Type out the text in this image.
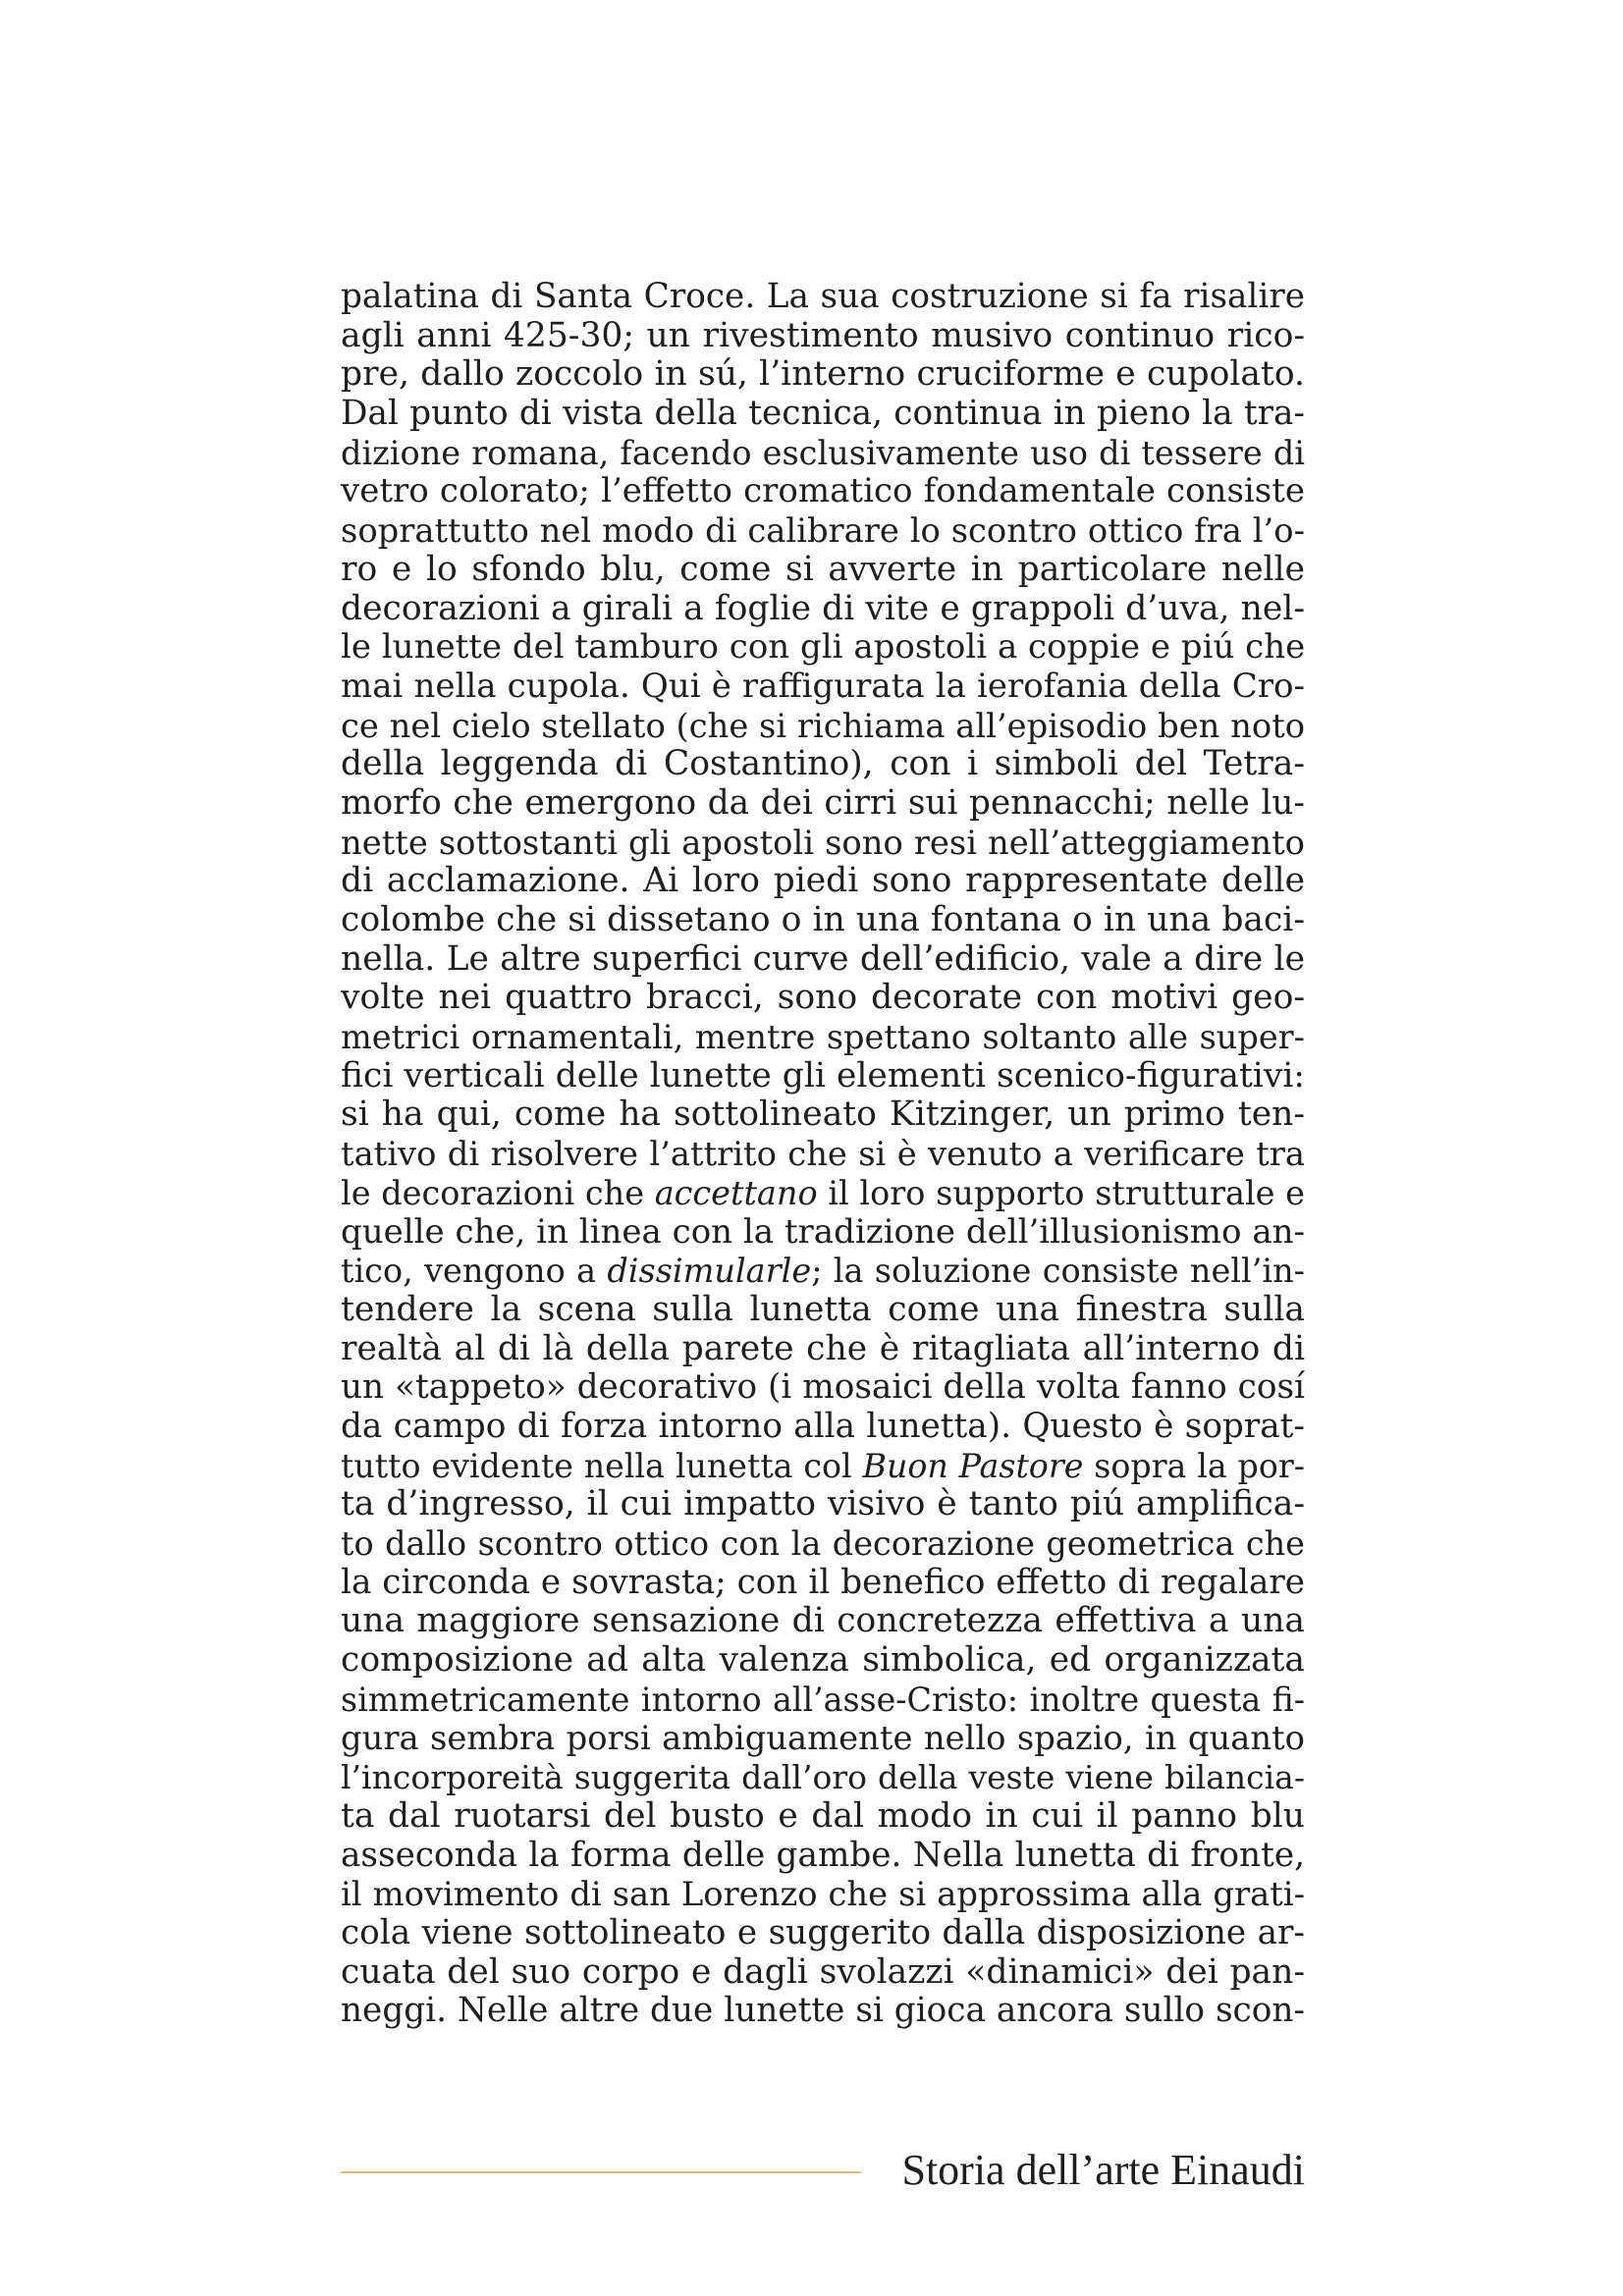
palatina di Santa Croce. La sua costruzione si fa risalire
agli anni 425-30; un rivestimento musivo continuo rico-
pre, dallo zoccolo in sú, l’interno cruciforme e cupolato.
Dal punto di vista della tecnica, continua in pieno la tra-
dizione romana, facendo esclusivamente uso di tessere di
vetro colorato; l’effetto cromatico fondamentale consiste
soprattutto nel modo di calibrare lo scontro ottico fra l’o-
ro e lo sfondo blu, come si avverte in particolare nelle
decorazioni a girali a foglie di vite e grappoli d’uva, nel-
le lunette del tamburo con gli apostoli a coppie e piú che
mai nella cupola. Qui è raffigurata la ierofania della Cro-
ce nel cielo stellato (che si richiama all’episodio ben noto
della leggenda di Costantino), con i simboli del Tetra-
morfo che emergono da dei cirri sui pennacchi; nelle lu-
nette sottostanti gli apostoli sono resi nell’atteggiamento
di acclamazione. Ai loro piedi sono rappresentate delle
colombe che si dissetano o in una fontana o in una baci-
nella. Le altre superfici curve dell’edificio, vale a dire le
volte nei quattro bracci, sono decorate con motivi geo-
metrici ornamentali, mentre spettano soltanto alle super-
fici verticali delle lunette gli elementi scenico-figurativi:
si ha qui, come ha sottolineato Kitzinger, un primo ten-
tativo di risolvere l’attrito che si è venuto a verificare tra
le decorazioni che accettano il loro supporto strutturale e
quelle che, in linea con la tradizione dell’illusionismo an-
tico, vengono a dissimularle; la soluzione consiste nell’in-
tendere la scena sulla lunetta come una finestra sulla
realtà al di là della parete che è ritagliata all’interno di
un «tappeto» decorativo (i mosaici della volta fanno cosí
da campo di forza intorno alla lunetta). Questo è soprat-
tutto evidente nella lunetta col Buon Pastore sopra la por-
ta d’ingresso, il cui impatto visivo è tanto piú amplifica-
to dallo scontro ottico con la decorazione geometrica che
la circonda e sovrasta; con il benefico effetto di regalare
una maggiore sensazione di concretezza effettiva a una
composizione ad alta valenza simbolica, ed organizzata
simmetricamente intorno all’asse-Cristo: inoltre questa fi-
gura sembra porsi ambiguamente nello spazio, in quanto
l’incorporeità suggerita dall’oro della veste viene bilancia-
ta dal ruotarsi del busto e dal modo in cui il panno blu
asseconda la forma delle gambe. Nella lunetta di fronte,
il movimento di san Lorenzo che si approssima alla grati-
cola viene sottolineato e suggerito dalla disposizione ar-
cuata del suo corpo e dagli svolazzi «dinamici» dei pan-
neggi. Nelle altre due lunette si gioca ancora sullo scon-
Storia dell’arte Einaudi
